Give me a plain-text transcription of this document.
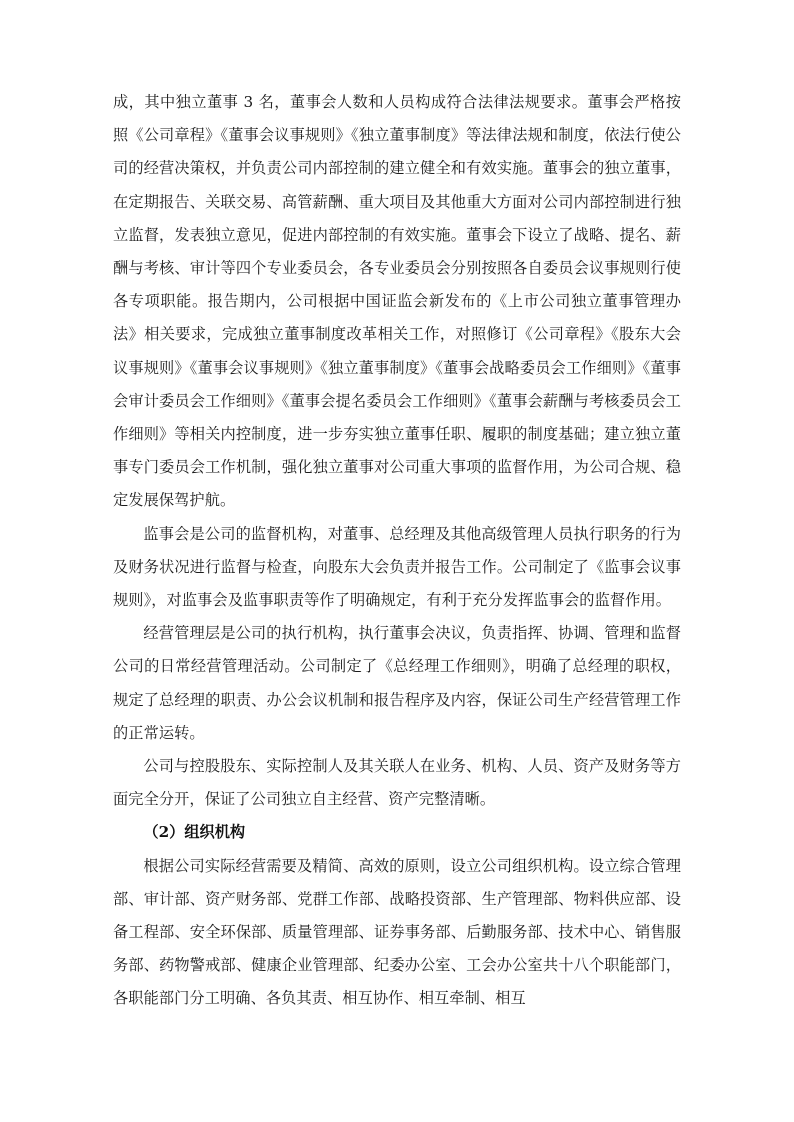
成，其中独立董事 3 名，董事会人数和人员构成符合法律法规要求。董事会严格按照《公司章程》《董事会议事规则》《独立董事制度》等法律法规和制度，依法行使公司的经营决策权，并负责公司内部控制的建立健全和有效实施。董事会的独立董事，在定期报告、关联交易、高管薪酬、重大项目及其他重大方面对公司内部控制进行独立监督，发表独立意见，促进内部控制的有效实施。董事会下设立了战略、提名、薪酬与考核、审计等四个专业委员会，各专业委员会分别按照各自委员会议事规则行使各专项职能。报告期内，公司根据中国证监会新发布的《上市公司独立董事管理办法》相关要求，完成独立董事制度改革相关工作，对照修订《公司章程》《股东大会议事规则》《董事会议事规则》《独立董事制度》《董事会战略委员会工作细则》《董事会审计委员会工作细则》《董事会提名委员会工作细则》《董事会薪酬与考核委员会工作细则》等相关内控制度，进一步夯实独立董事任职、履职的制度基础；建立独立董事专门委员会工作机制，强化独立董事对公司重大事项的监督作用，为公司合规、稳定发展保驾护航。

监事会是公司的监督机构，对董事、总经理及其他高级管理人员执行职务的行为及财务状况进行监督与检查，向股东大会负责并报告工作。公司制定了《监事会议事规则》，对监事会及监事职责等作了明确规定，有利于充分发挥监事会的监督作用。

经营管理层是公司的执行机构，执行董事会决议，负责指挥、协调、管理和监督公司的日常经营管理活动。公司制定了《总经理工作细则》，明确了总经理的职权，规定了总经理的职责、办公会议机制和报告程序及内容，保证公司生产经营管理工作的正常运转。

公司与控股股东、实际控制人及其关联人在业务、机构、人员、资产及财务等方面完全分开，保证了公司独立自主经营、资产完整清晰。

（2）组织机构

根据公司实际经营需要及精简、高效的原则，设立公司组织机构。设立综合管理部、审计部、资产财务部、党群工作部、战略投资部、生产管理部、物料供应部、设备工程部、安全环保部、质量管理部、证券事务部、后勤服务部、技术中心、销售服务部、药物警戒部、健康企业管理部、纪委办公室、工会办公室共十八个职能部门，各职能部门分工明确、各负其责、相互协作、相互牵制、相互
